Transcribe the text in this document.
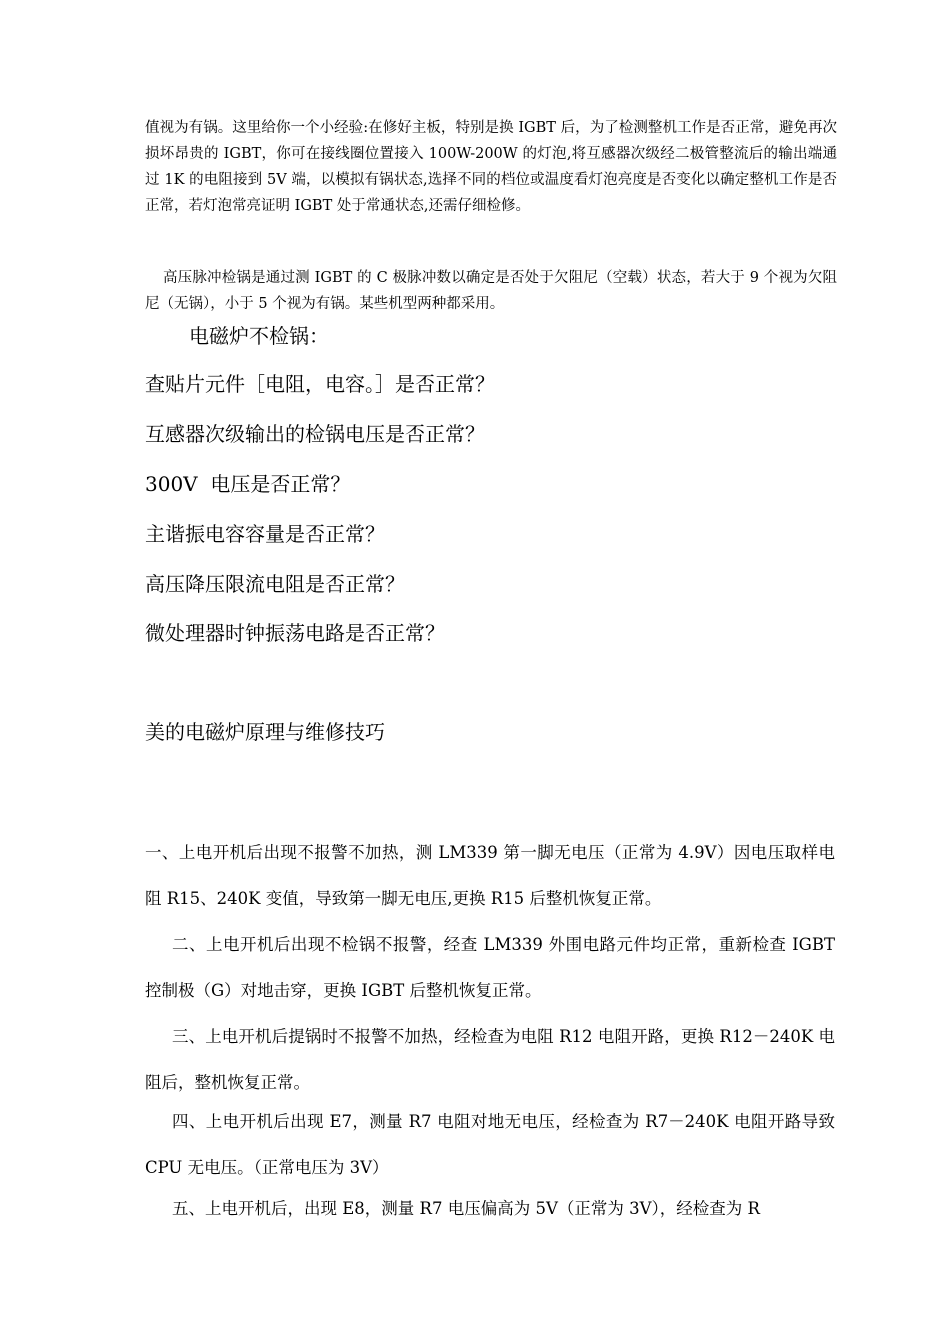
值视为有锅。这里给你一个小经验:在修好主板，特别是换 IGBT 后，为了检测整机工作是否正常，避免再次损坏昂贵的 IGBT，你可在接线圈位置接入 100W-200W 的灯泡,将互感器次级经二极管整流后的输出端通过 1K 的电阻接到 5V 端，以模拟有锅状态,选择不同的档位或温度看灯泡亮度是否变化以确定整机工作是否正常，若灯泡常亮证明 IGBT 处于常通状态,还需仔细检修。

高压脉冲检锅是通过测 IGBT 的 C 极脉冲数以确定是否处于欠阻尼（空载）状态，若大于 9 个视为欠阻尼（无锅），小于 5 个视为有锅。某些机型两种都采用。

电磁炉不检锅：

查贴片元件［电阻，电容。］是否正常？

互感器次级输出的检锅电压是否正常？

300V  电压是否正常？

主谐振电容容量是否正常？

高压降压限流电阻是否正常？

微处理器时钟振荡电路是否正常？

美的电磁炉原理与维修技巧

一、上电开机后出现不报警不加热，测 LM339 第一脚无电压（正常为 4.9V）因电压取样电阻 R15、240K 变值，导致第一脚无电压,更换 R15 后整机恢复正常。

二、上电开机后出现不检锅不报警，经查 LM339 外围电路元件均正常，重新检查 IGBT 控制极（G）对地击穿，更换 IGBT 后整机恢复正常。

三、上电开机后提锅时不报警不加热，经检查为电阻 R12 电阻开路，更换 R12－240K 电阻后，整机恢复正常。

四、上电开机后出现 E7，测量 R7 电阻对地无电压，经检查为 R7－240K 电阻开路导致 CPU 无电压。（正常电压为 3V）

五、上电开机后，出现 E8，测量 R7 电压偏高为 5V（正常为 3V），经检查为 R
